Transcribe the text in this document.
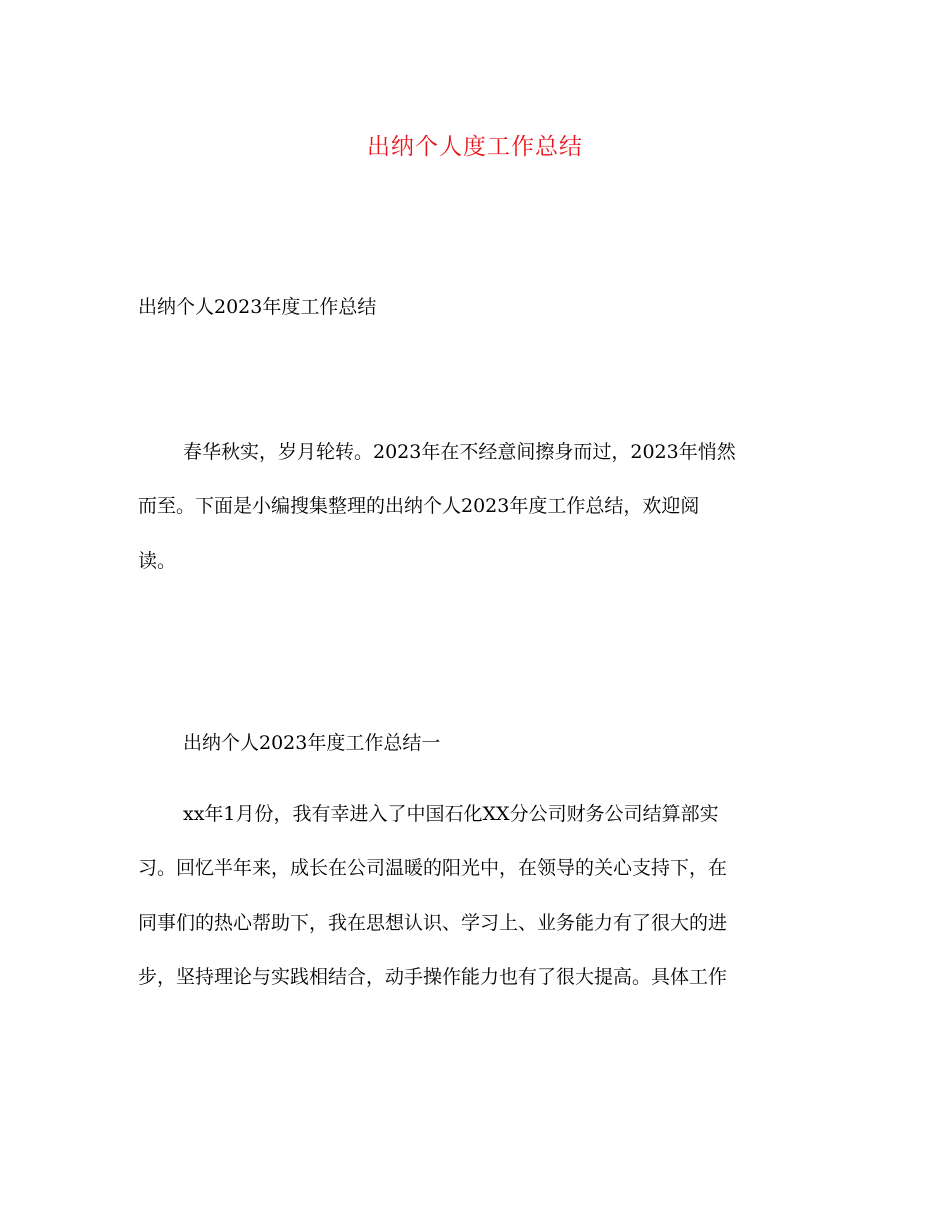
出纳个人度工作总结
出纳个人2023年度工作总结
春华秋实，岁月轮转。2023年在不经意间擦身而过，2023年悄然
而至。下面是小编搜集整理的出纳个人2023年度工作总结，欢迎阅
读。
出纳个人2023年度工作总结一
xx年1月份，我有幸进入了中国石化XX分公司财务公司结算部实
习。回忆半年来，成长在公司温暖的阳光中，在领导的关心支持下，在
同事们的热心帮助下，我在思想认识、学习上、业务能力有了很大的进
步，坚持理论与实践相结合，动手操作能力也有了很大提高。具体工作
